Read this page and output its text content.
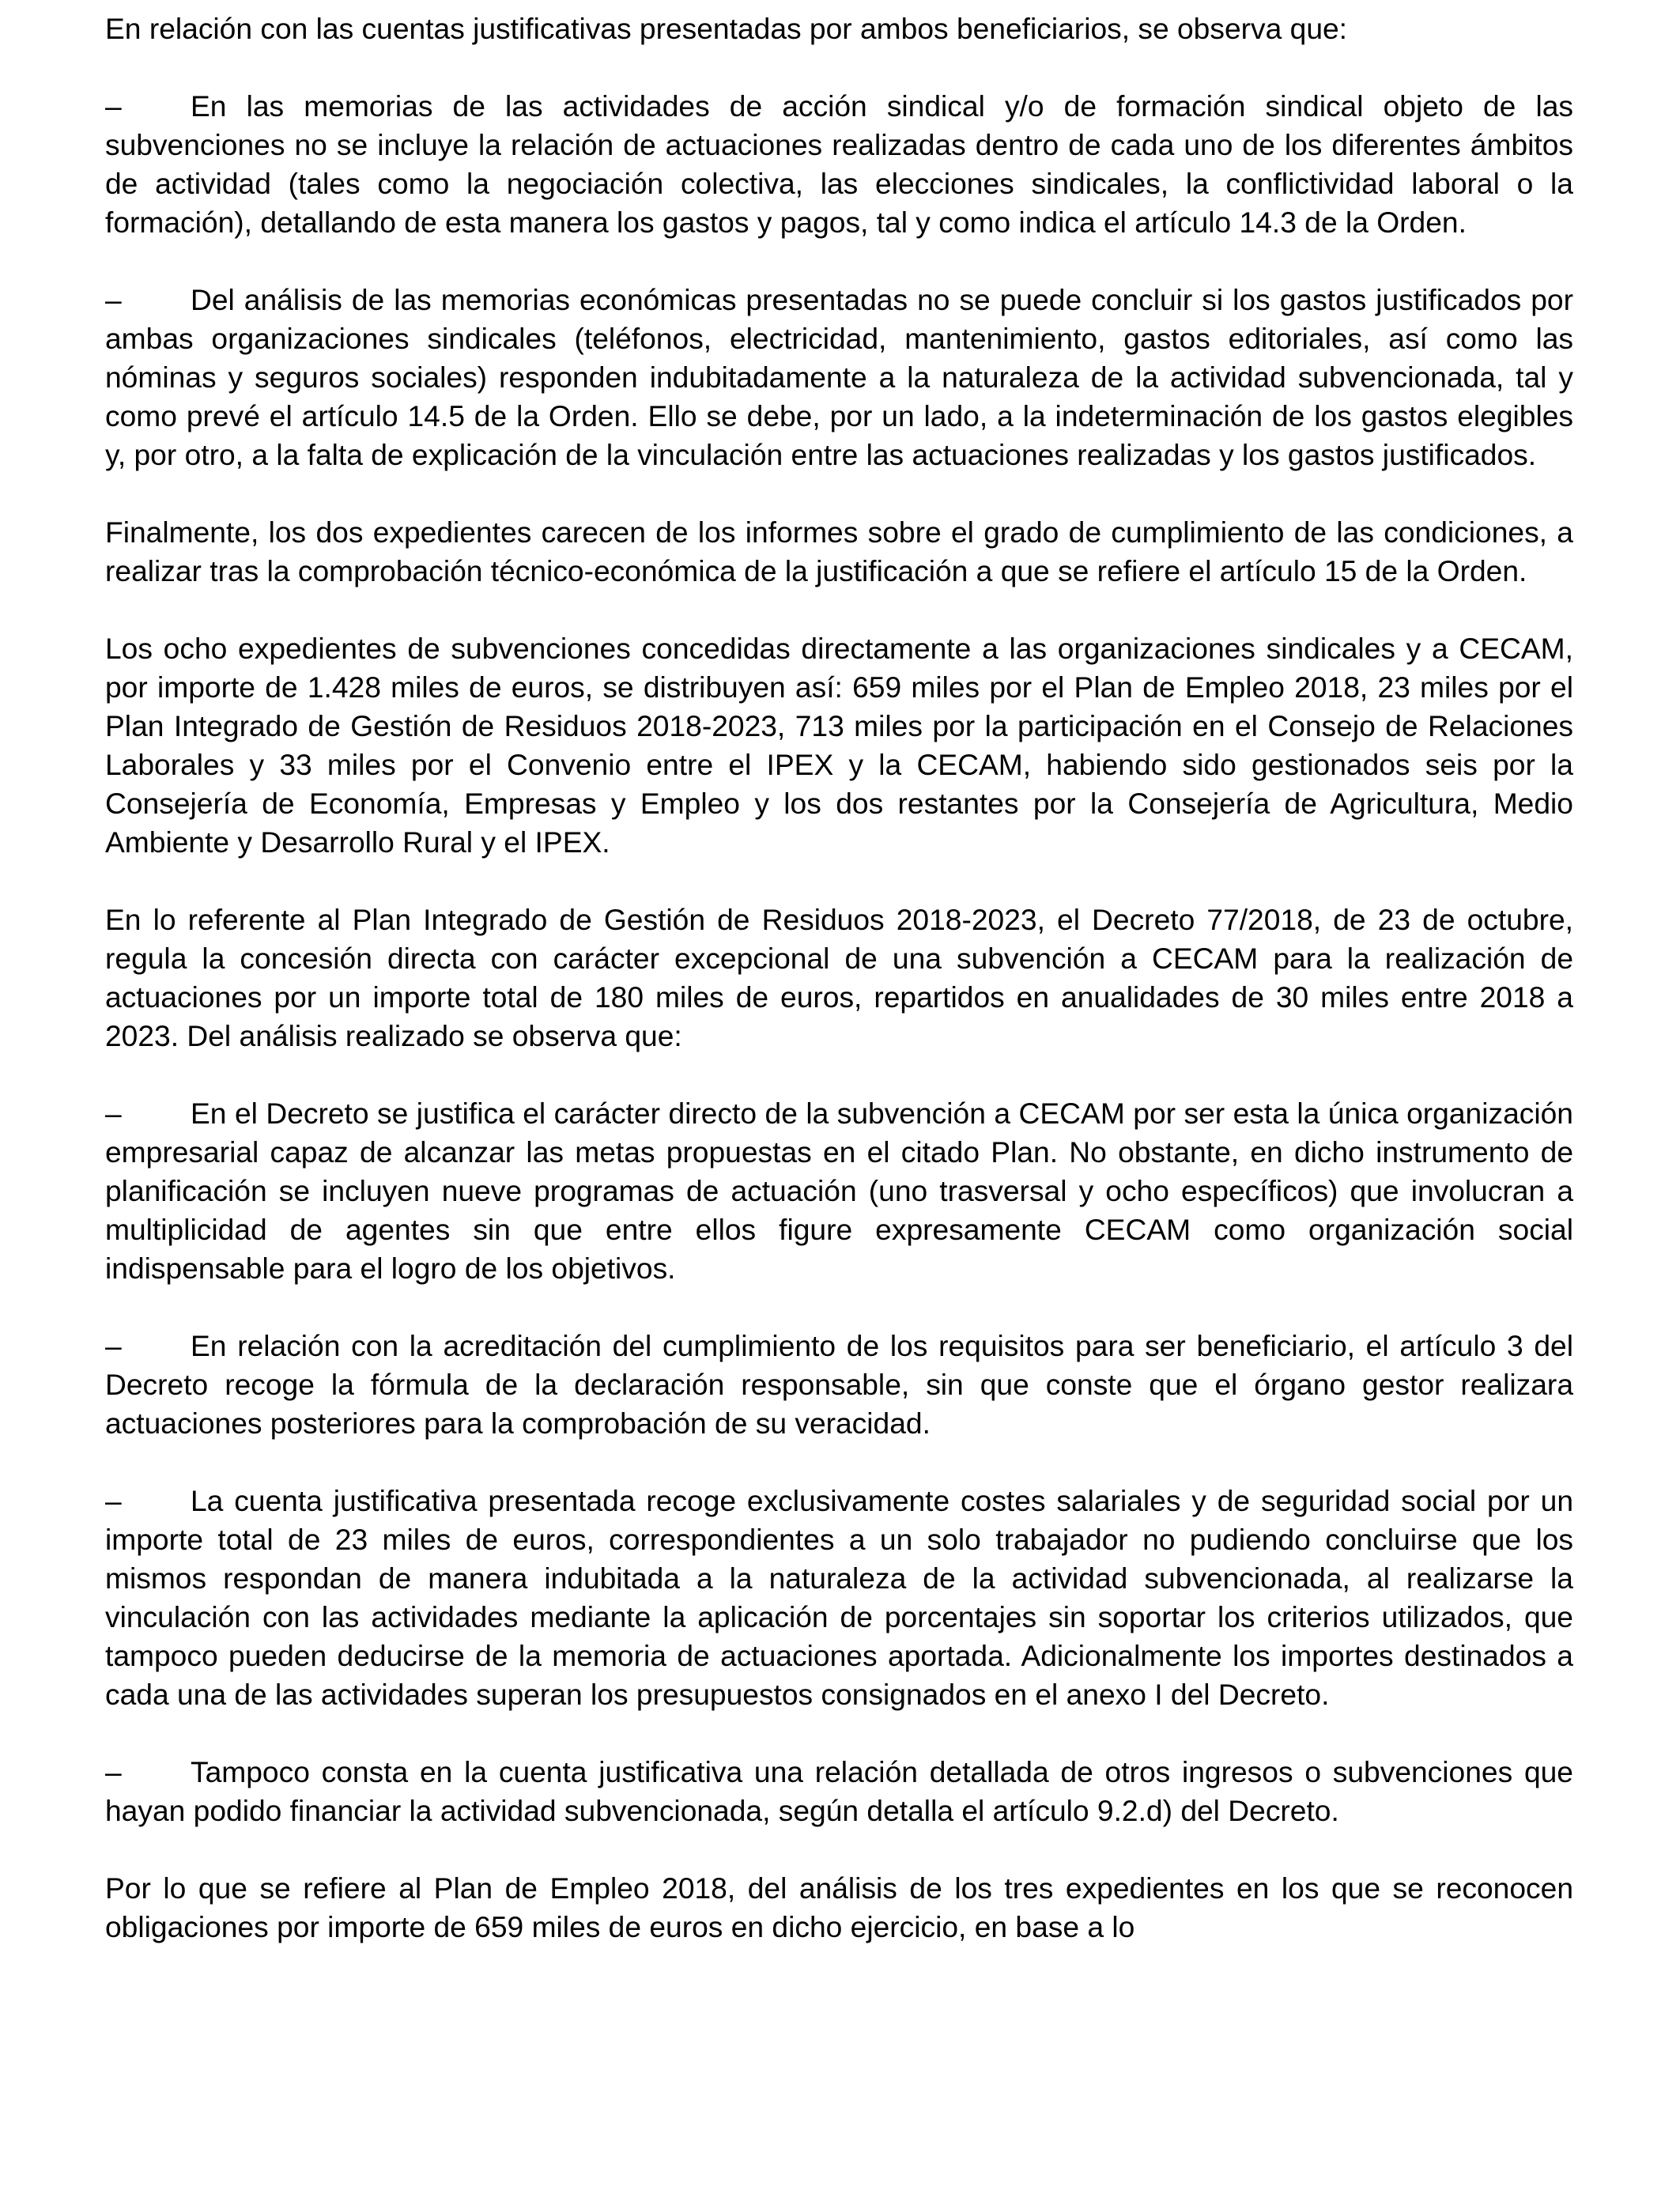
En relación con las cuentas justificativas presentadas por ambos beneficiarios, se observa que:

– En las memorias de las actividades de acción sindical y/o de formación sindical objeto de las subvenciones no se incluye la relación de actuaciones realizadas dentro de cada uno de los diferentes ámbitos de actividad (tales como la negociación colectiva, las elecciones sindicales, la conflictividad laboral o la formación), detallando de esta manera los gastos y pagos, tal y como indica el artículo 14.3 de la Orden.

– Del análisis de las memorias económicas presentadas no se puede concluir si los gastos justificados por ambas organizaciones sindicales (teléfonos, electricidad, mantenimiento, gastos editoriales, así como las nóminas y seguros sociales) responden indubitadamente a la naturaleza de la actividad subvencionada, tal y como prevé el artículo 14.5 de la Orden. Ello se debe, por un lado, a la indeterminación de los gastos elegibles y, por otro, a la falta de explicación de la vinculación entre las actuaciones realizadas y los gastos justificados.

Finalmente, los dos expedientes carecen de los informes sobre el grado de cumplimiento de las condiciones, a realizar tras la comprobación técnico-económica de la justificación a que se refiere el artículo 15 de la Orden.

Los ocho expedientes de subvenciones concedidas directamente a las organizaciones sindicales y a CECAM, por importe de 1.428 miles de euros, se distribuyen así: 659 miles por el Plan de Empleo 2018, 23 miles por el Plan Integrado de Gestión de Residuos 2018-2023, 713 miles por la participación en el Consejo de Relaciones Laborales y 33 miles por el Convenio entre el IPEX y la CECAM, habiendo sido gestionados seis por la Consejería de Economía, Empresas y Empleo y los dos restantes por la Consejería de Agricultura, Medio Ambiente y Desarrollo Rural y el IPEX.

En lo referente al Plan Integrado de Gestión de Residuos 2018-2023, el Decreto 77/2018, de 23 de octubre, regula la concesión directa con carácter excepcional de una subvención a CECAM para la realización de actuaciones por un importe total de 180 miles de euros, repartidos en anualidades de 30 miles entre 2018 a 2023. Del análisis realizado se observa que:

– En el Decreto se justifica el carácter directo de la subvención a CECAM por ser esta la única organización empresarial capaz de alcanzar las metas propuestas en el citado Plan. No obstante, en dicho instrumento de planificación se incluyen nueve programas de actuación (uno trasversal y ocho específicos) que involucran a multiplicidad de agentes sin que entre ellos figure expresamente CECAM como organización social indispensable para el logro de los objetivos.

– En relación con la acreditación del cumplimiento de los requisitos para ser beneficiario, el artículo 3 del Decreto recoge la fórmula de la declaración responsable, sin que conste que el órgano gestor realizara actuaciones posteriores para la comprobación de su veracidad.

– La cuenta justificativa presentada recoge exclusivamente costes salariales y de seguridad social por un importe total de 23 miles de euros, correspondientes a un solo trabajador no pudiendo concluirse que los mismos respondan de manera indubitada a la naturaleza de la actividad subvencionada, al realizarse la vinculación con las actividades mediante la aplicación de porcentajes sin soportar los criterios utilizados, que tampoco pueden deducirse de la memoria de actuaciones aportada. Adicionalmente los importes destinados a cada una de las actividades superan los presupuestos consignados en el anexo I del Decreto.

– Tampoco consta en la cuenta justificativa una relación detallada de otros ingresos o subvenciones que hayan podido financiar la actividad subvencionada, según detalla el artículo 9.2.d) del Decreto.

Por lo que se refiere al Plan de Empleo 2018, del análisis de los tres expedientes en los que se reconocen obligaciones por importe de 659 miles de euros en dicho ejercicio, en base a lo
